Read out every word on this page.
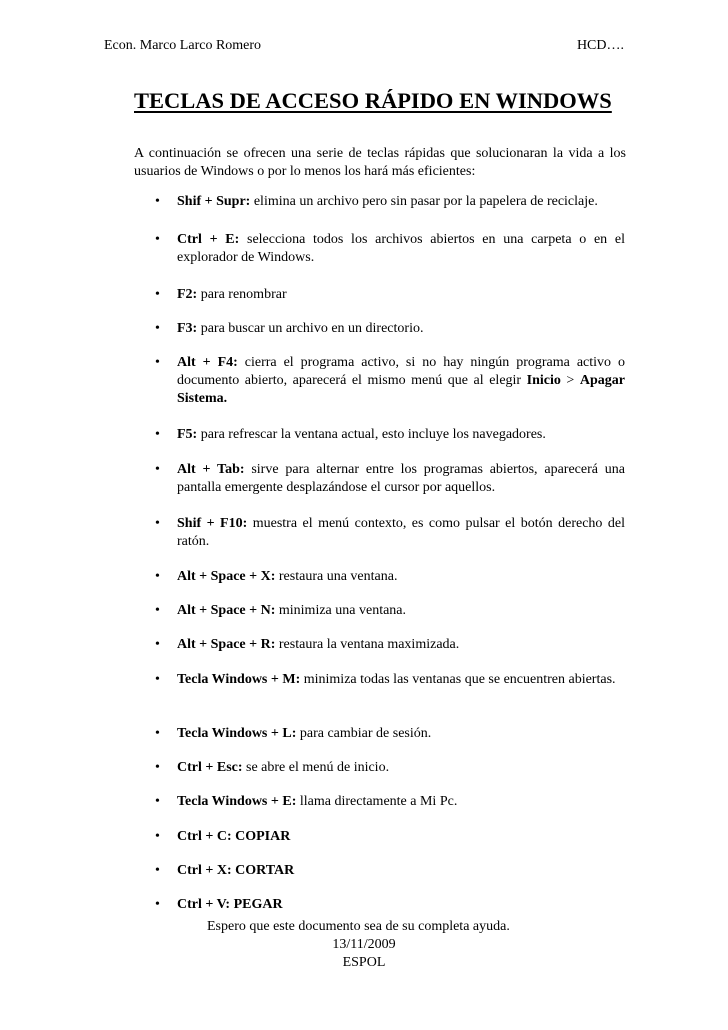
Econ. Marco Larco Romero	HCD….
TECLAS DE ACCESO RÁPIDO EN WINDOWS
A continuación se ofrecen una serie de teclas rápidas que solucionaran la vida a los usuarios de Windows o por lo menos los hará más eficientes:
• Shif + Supr: elimina un archivo pero sin pasar por la papelera de reciclaje.
• Ctrl + E: selecciona todos los archivos abiertos en una carpeta o en el explorador de Windows.
• F2: para renombrar
• F3: para buscar un archivo en un directorio.
• Alt + F4: cierra el programa activo, si no hay ningún programa activo o documento abierto, aparecerá el mismo menú que al elegir Inicio > Apagar Sistema.
• F5: para refrescar la ventana actual, esto incluye los navegadores.
• Alt + Tab: sirve para alternar entre los programas abiertos, aparecerá una pantalla emergente desplazándose el cursor por aquellos.
• Shif + F10: muestra el menú contexto, es como pulsar el botón derecho del ratón.
• Alt + Space + X: restaura una ventana.
• Alt + Space + N: minimiza una ventana.
• Alt + Space + R: restaura la ventana maximizada.
• Tecla Windows + M: minimiza todas las ventanas que se encuentren abiertas.
• Tecla Windows + L: para cambiar de sesión.
• Ctrl + Esc: se abre el menú de inicio.
• Tecla Windows + E: llama directamente a Mi Pc.
• Ctrl + C: COPIAR
• Ctrl + X: CORTAR
• Ctrl + V: PEGAR
Espero que este documento sea de su completa ayuda.
13/11/2009
ESPOL
